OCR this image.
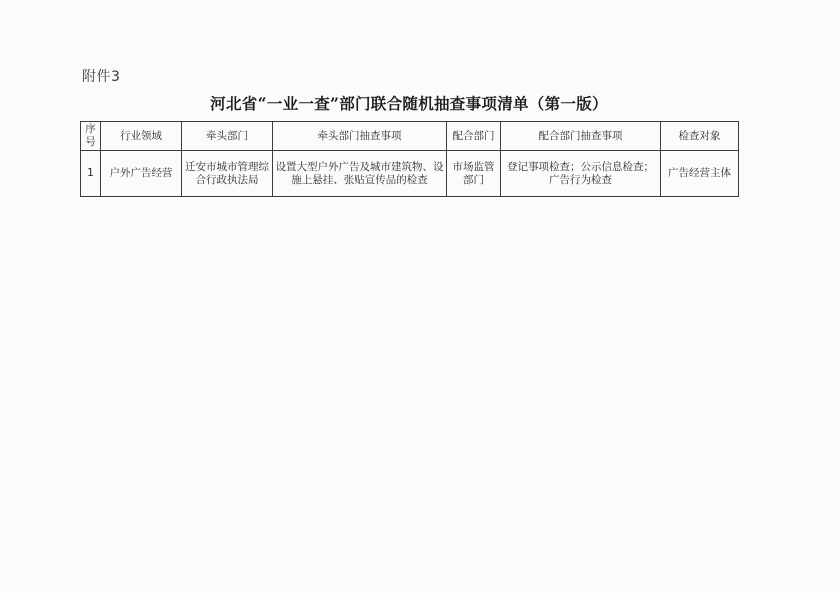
附件3
河北省“一业一查”部门联合随机抽查事项清单（第一版）
序号	行业领域	牵头部门	牵头部门抽查事项	配合部门	配合部门抽查事项	检查对象
1	户外广告经营	迁安市城市管理综合行政执法局	设置大型户外广告及城市建筑物、设施上悬挂、张贴宣传品的检查	市场监管部门	登记事项检查；公示信息检查；广告行为检查	广告经营主体
